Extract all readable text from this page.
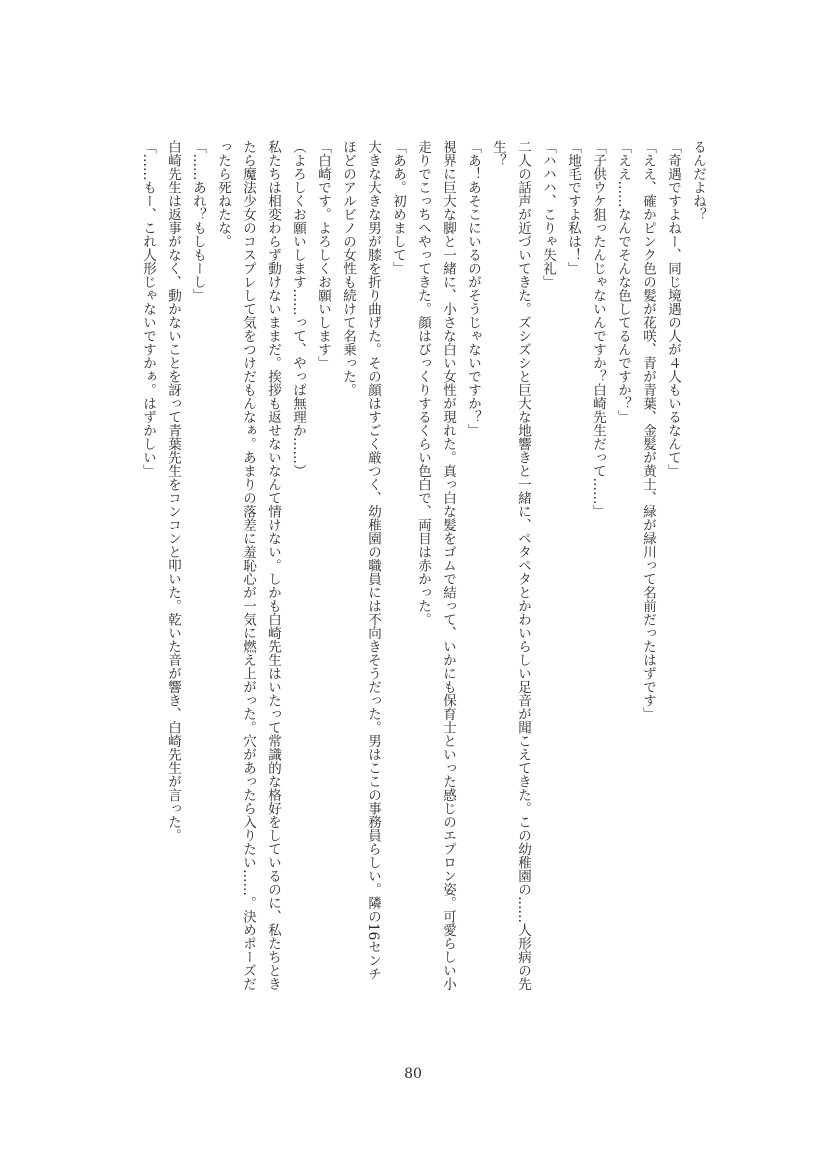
るんだよね？
「奇遇ですよねー、同じ境遇の人が４人もいるなんて」
「ええ、確かピンク色の髪が花咲、青が青葉、金髪が黄土、緑が緑川って名前だったはずです」
「ええ……なんでそんな色してるんですか？」
「子供ウケ狙ったんじゃないんですか？白崎先生だって……」
「地毛ですよ私は！」
「ハハハ、こりゃ失礼」
二人の話声が近づいてきた。ズシズシと巨大な地響きと一緒に、ペタペタとかわいらしい足音が聞こえてきた。この幼稚園の……人形病の先
生？
「あ！あそこにいるのがそうじゃないですか？」
視界に巨大な脚と一緒に、小さな白い女性が現れた。真っ白な髪をゴムで結って、いかにも保育士といった感じのエプロン姿。可愛らしい小
走りでこっちへやってきた。顔はびっくりするくらい色白で、両目は赤かった。
「ああ。初めまして」
大きな大きな男が膝を折り曲げた。その顔はすごく厳つく、幼稚園の職員には不向きそうだった。男はここの事務員らしい。隣の16センチ
ほどのアルビノの女性も続けて名乗った。
「白崎です。よろしくお願いします」
（よろしくお願いします……って、やっぱ無理か……）
私たちは相変わらず動けないままだ。挨拶も返せないなんて情けない。しかも白崎先生はいたって常識的な格好をしているのに、私たちとき
たら魔法少女のコスプレして気をつけだもんなぁ。あまりの落差に羞恥心が一気に燃え上がった。穴があったら入りたい……。決めポーズだ
ったら死ねたな。
「……あれ？もしもーし」
白崎先生は返事がなく、動かないことを訝って青葉先生をコンコンと叩いた。乾いた音が響き、白崎先生が言った。
「……もー、これ人形じゃないですかぁ。はずかしい」
80
